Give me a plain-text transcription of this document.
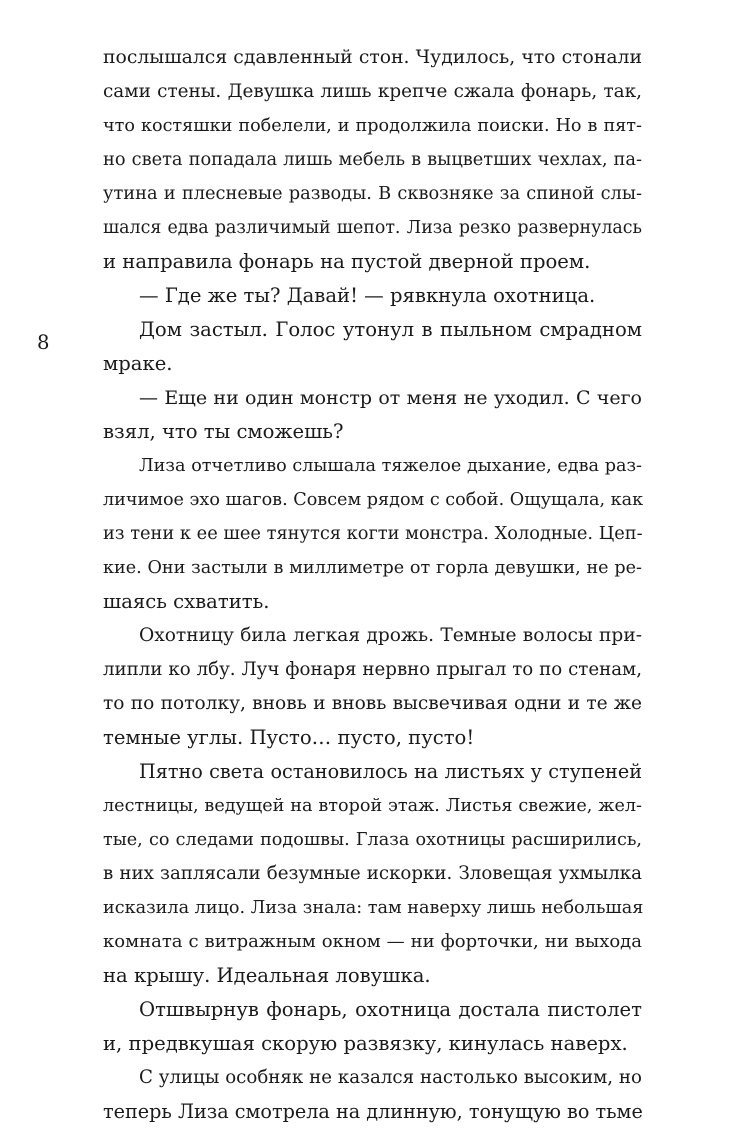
8
послышался сдавленный стон. Чудилось, что стонали
сами стены. Девушка лишь крепче сжала фонарь, так,
что костяшки побелели, и продолжила поиски. Но в пят-
но света попадала лишь мебель в выцветших чехлах, па-
утина и плесневые разводы. В сквозняке за спиной слы-
шался едва различимый шепот. Лиза резко развернулась
и направила фонарь на пустой дверной проем.
— Где же ты? Давай! — рявкнула охотница.
Дом застыл. Голос утонул в пыльном смрадном
мраке.
— Еще ни один монстр от меня не уходил. С чего
взял, что ты сможешь?
Лиза отчетливо слышала тяжелое дыхание, едва раз-
личимое эхо шагов. Совсем рядом с собой. Ощущала, как
из тени к ее шее тянутся когти монстра. Холодные. Цеп-
кие. Они застыли в миллиметре от горла девушки, не ре-
шаясь схватить.
Охотницу била легкая дрожь. Темные волосы при-
липли ко лбу. Луч фонаря нервно прыгал то по стенам,
то по потолку, вновь и вновь высвечивая одни и те же
темные углы. Пусто… пусто, пусто!
Пятно света остановилось на листьях у ступеней
лестницы, ведущей на второй этаж. Листья свежие, жел-
тые, со следами подошвы. Глаза охотницы расширились,
в них заплясали безумные искорки. Зловещая ухмылка
исказила лицо. Лиза знала: там наверху лишь небольшая
комната с витражным окном — ни форточки, ни выхода
на крышу. Идеальная ловушка.
Отшвырнув фонарь, охотница достала пистолет
и, предвкушая скорую развязку, кинулась наверх.
С улицы особняк не казался настолько высоким, но
теперь Лиза смотрела на длинную, тонущую во тьме
